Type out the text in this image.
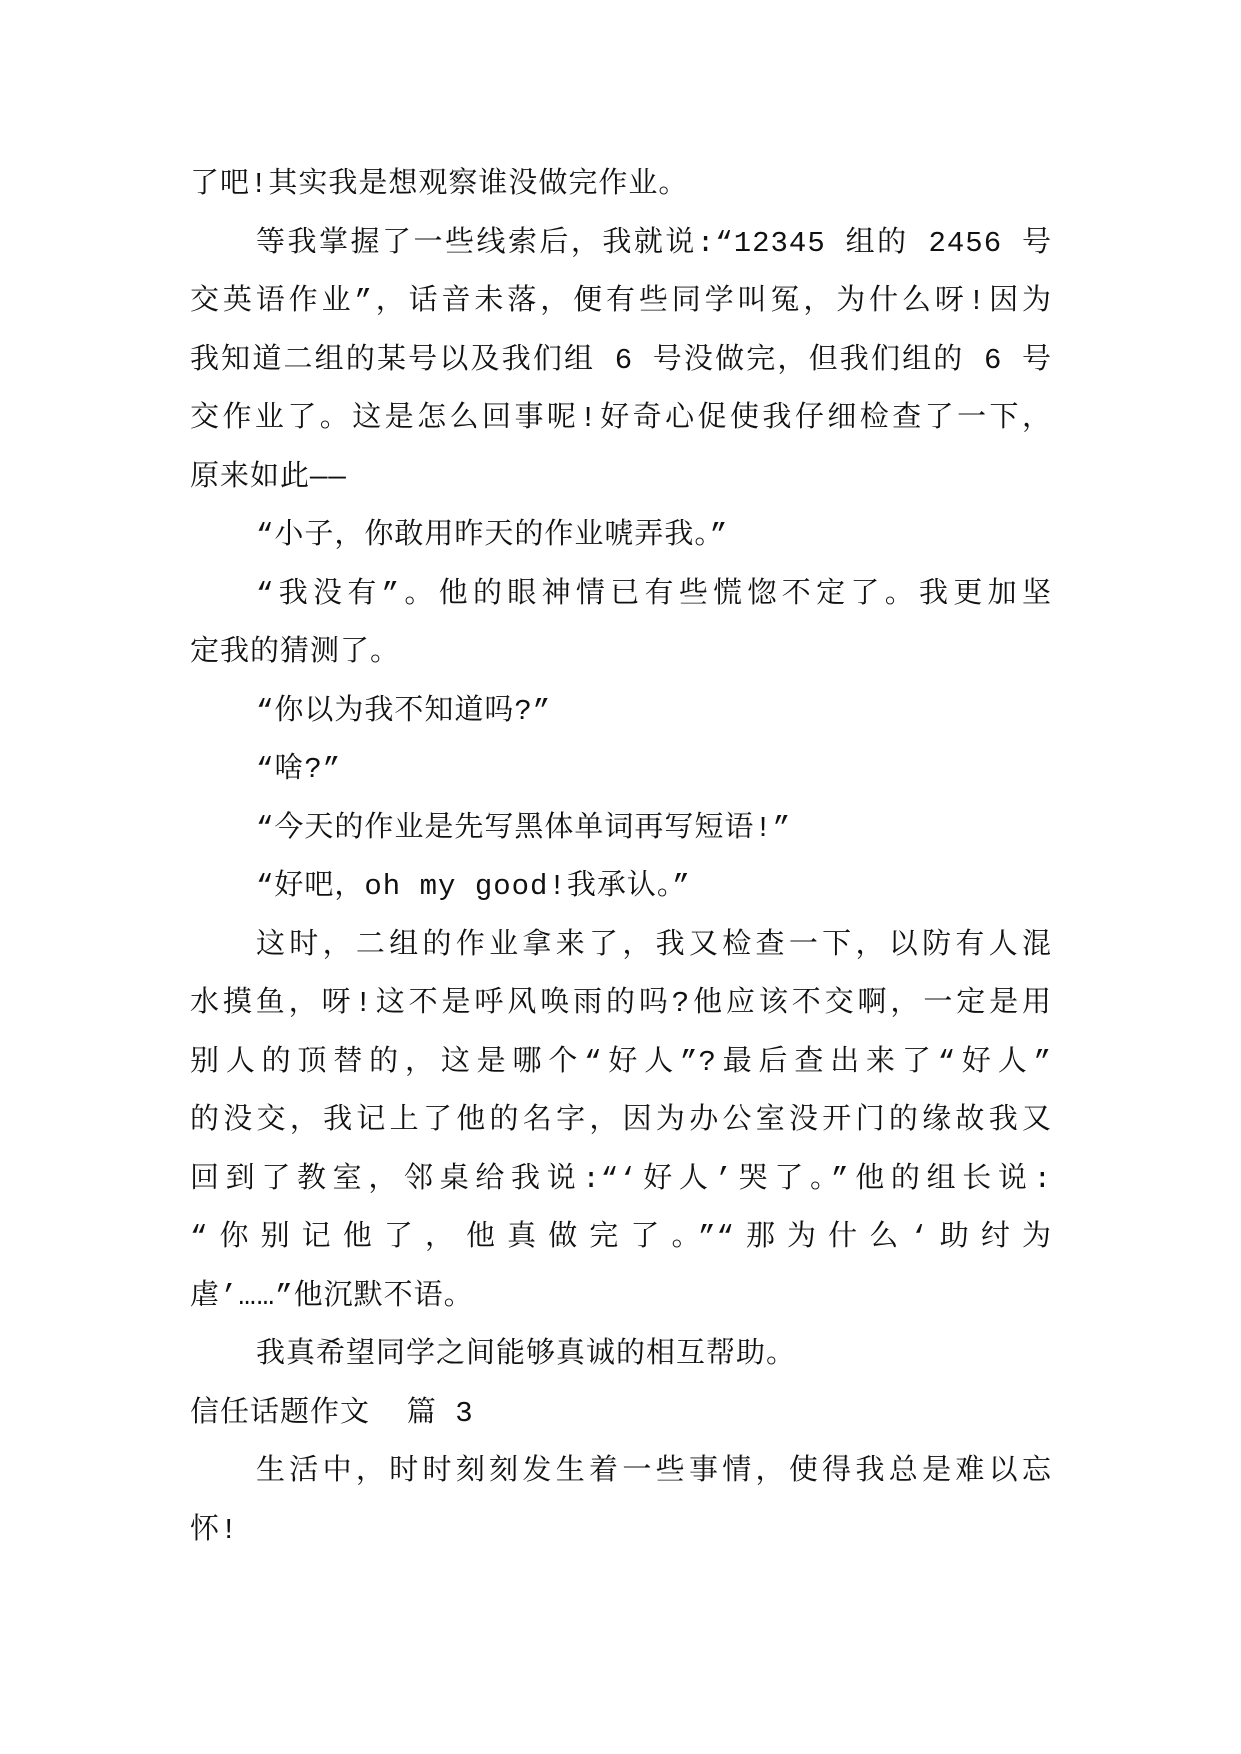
了吧!其实我是想观察谁没做完作业。
等我掌握了一些线索后，我就说:“12345 组的 2456 号
交英语作业”，话音未落，便有些同学叫冤，为什么呀!因为
我知道二组的某号以及我们组 6 号没做完，但我们组的 6 号
交作业了。这是怎么回事呢!好奇心促使我仔细检查了一下，
原来如此——
“小子，你敢用昨天的作业唬弄我。”
“我没有”。他的眼神情已有些慌惚不定了。我更加坚
定我的猜测了。
“你以为我不知道吗?”
“啥?”
“今天的作业是先写黑体单词再写短语!”
“好吧，oh my good!我承认。”
这时，二组的作业拿来了，我又检查一下，以防有人混
水摸鱼，呀!这不是呼风唤雨的吗?他应该不交啊，一定是用
别人的顶替的，这是哪个“好人”?最后查出来了“好人”
的没交，我记上了他的名字，因为办公室没开门的缘故我又
回到了教室，邻桌给我说:“‘好人’哭了。”他的组长说:
“你别记他了，他真做完了。”“那为什么‘助纣为
虐’……”他沉默不语。
我真希望同学之间能够真诚的相互帮助。
信任话题作文  篇 3
生活中，时时刻刻发生着一些事情，使得我总是难以忘
怀!
